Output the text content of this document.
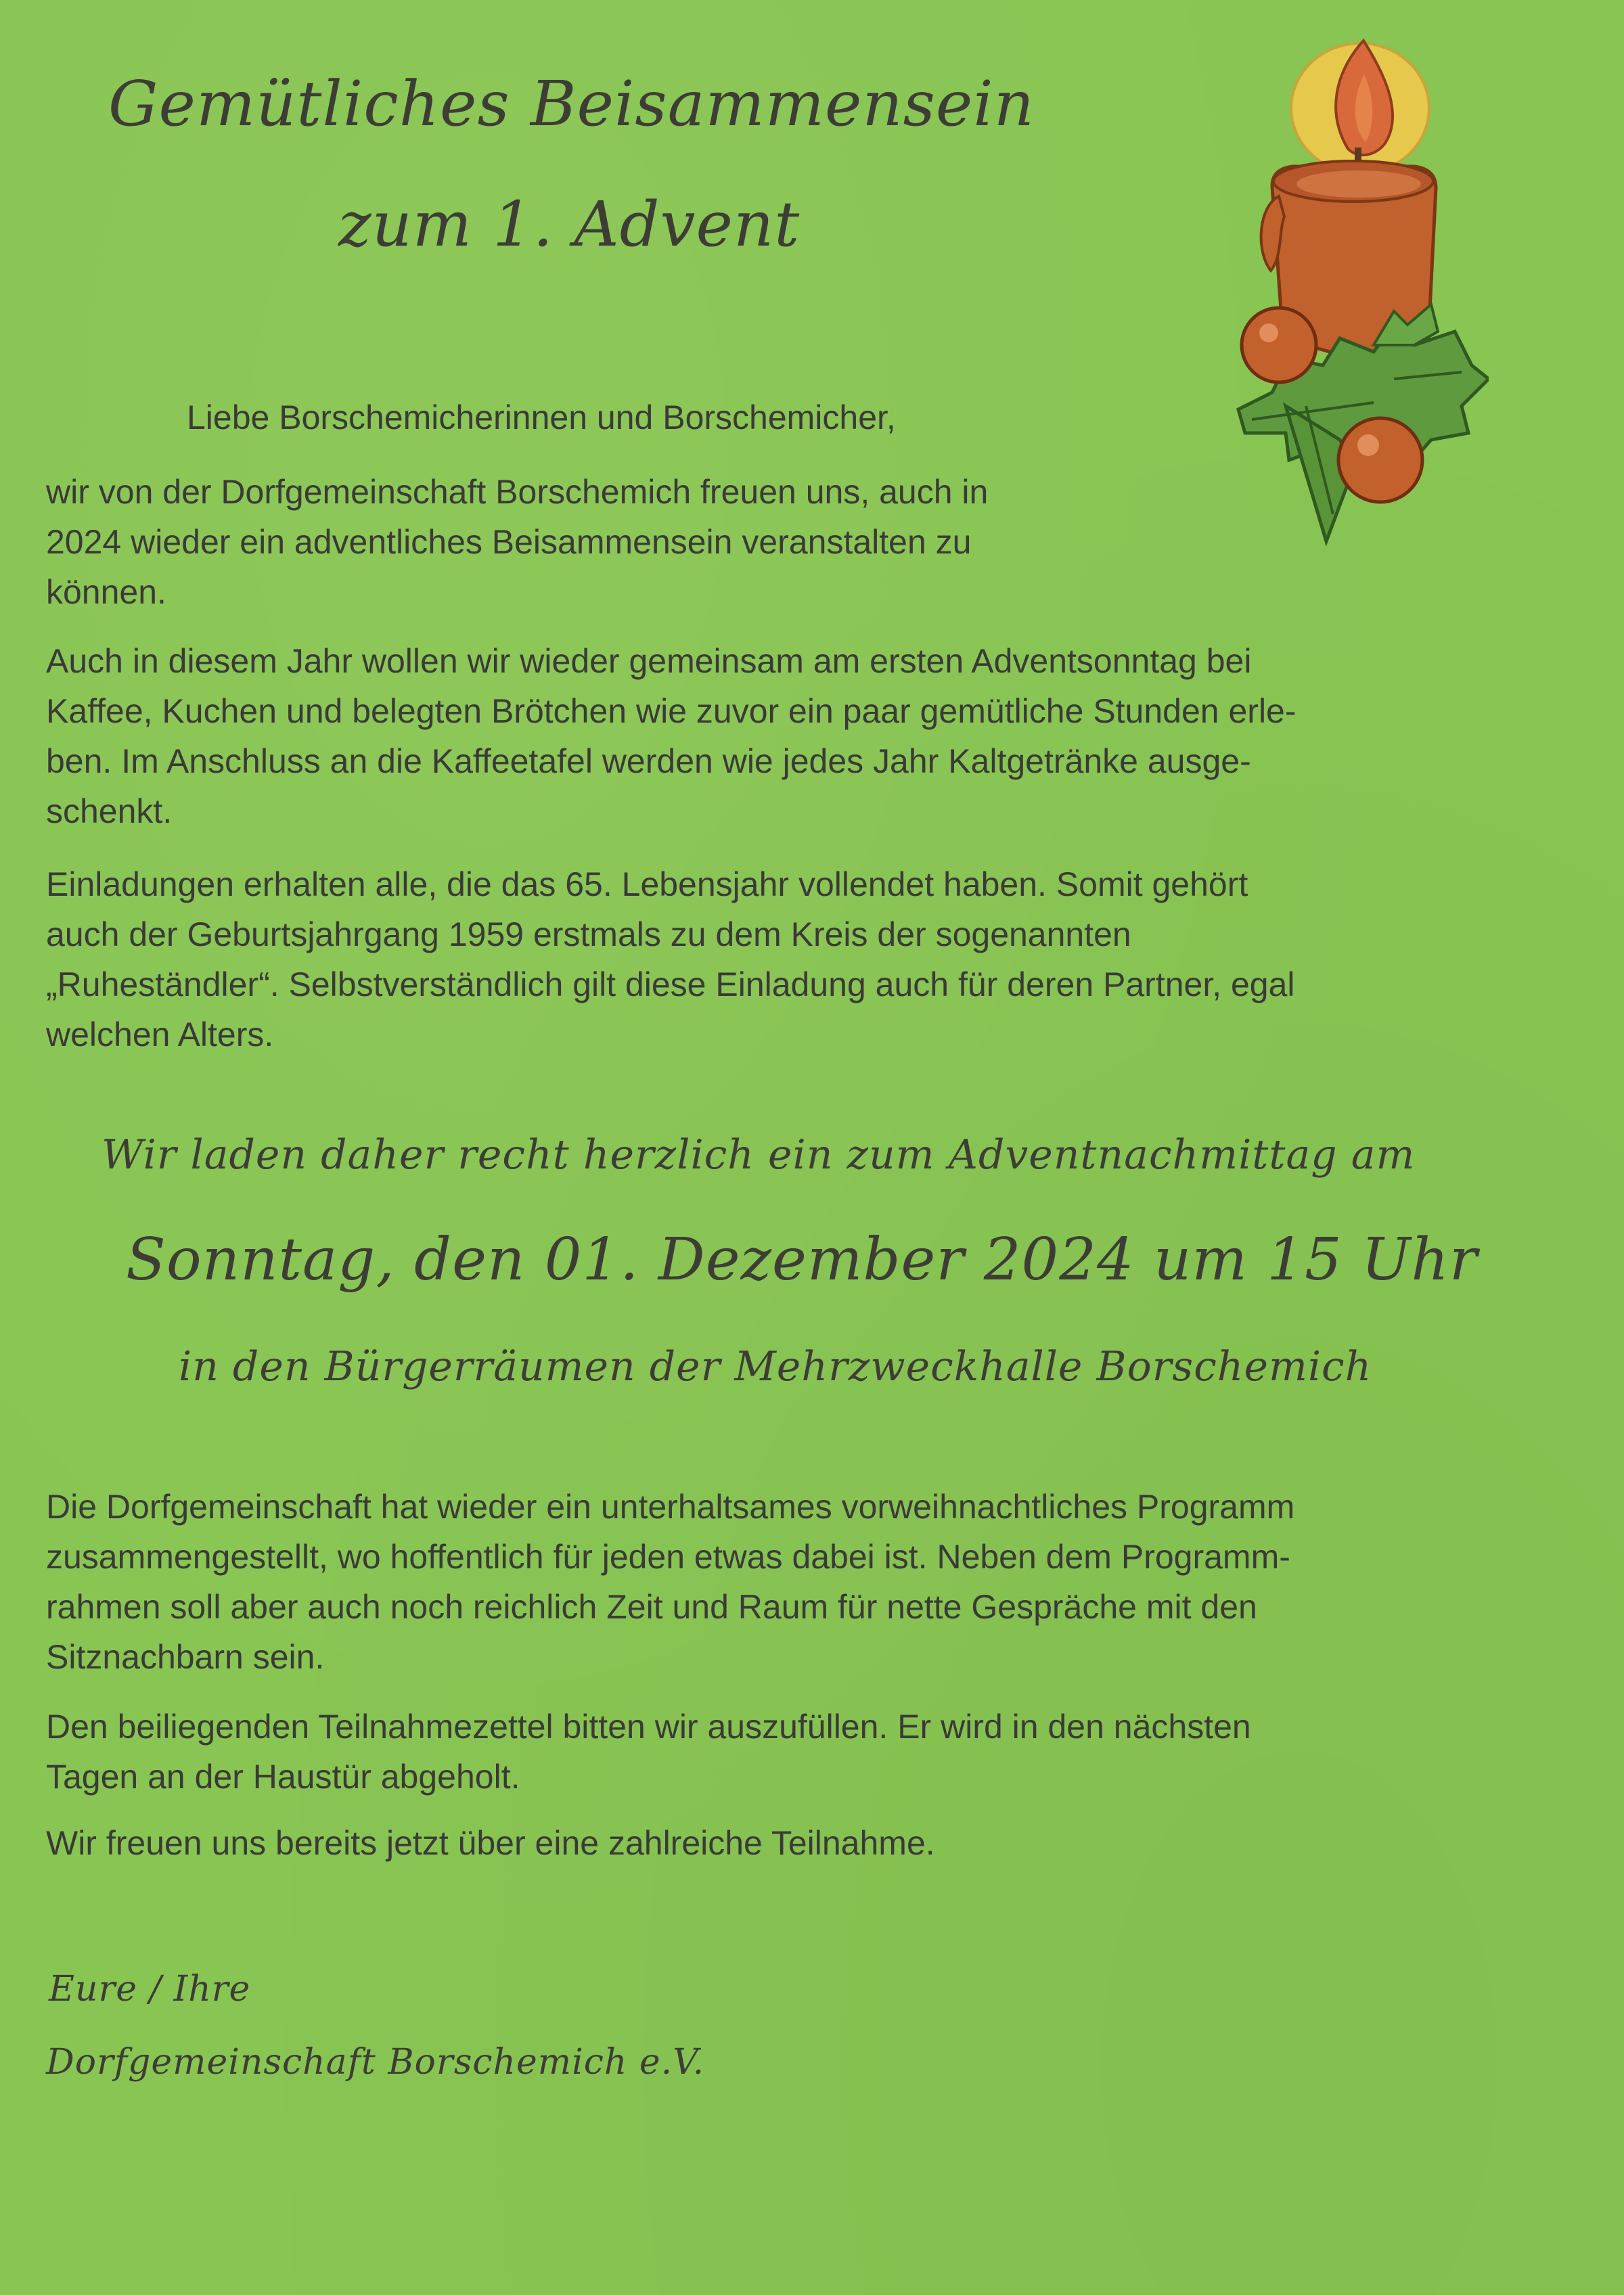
Gemütliches Beisammensein
zum 1. Advent
Liebe Borschemicherinnen und Borschemicher,

wir von der Dorfgemeinschaft Borschemich freuen uns, auch in

2024 wieder ein adventliches Beisammensein veranstalten zu

können.

Auch in diesem Jahr wollen wir wieder gemeinsam am ersten Adventsonntag bei

Kaffee, Kuchen und belegten Brötchen wie zuvor ein paar gemütliche Stunden erle-

ben. Im Anschluss an die Kaffeetafel werden wie jedes Jahr Kaltgetränke ausge-

schenkt.

Einladungen erhalten alle, die das 65. Lebensjahr vollendet haben. Somit gehört

auch der Geburtsjahrgang 1959 erstmals zu dem Kreis der sogenannten

„Ruheständler“. Selbstverständlich gilt diese Einladung auch für deren Partner, egal

welchen Alters.

Wir laden daher recht herzlich ein zum Adventnachmittag am
Sonntag, den 01. Dezember 2024 um 15 Uhr
in den Bürgerräumen der Mehrzweckhalle Borschemich

Die Dorfgemeinschaft hat wieder ein unterhaltsames vorweihnachtliches Programm

zusammengestellt, wo hoffentlich für jeden etwas dabei ist. Neben dem Programm-

rahmen soll aber auch noch reichlich Zeit und Raum für nette Gespräche mit den

Sitznachbarn sein.

Den beiliegenden Teilnahmezettel bitten wir auszufüllen. Er wird in den nächsten

Tagen an der Haustür abgeholt.

Wir freuen uns bereits jetzt über eine zahlreiche Teilnahme.

Eure / Ihre
Dorfgemeinschaft Borschemich e.V.
